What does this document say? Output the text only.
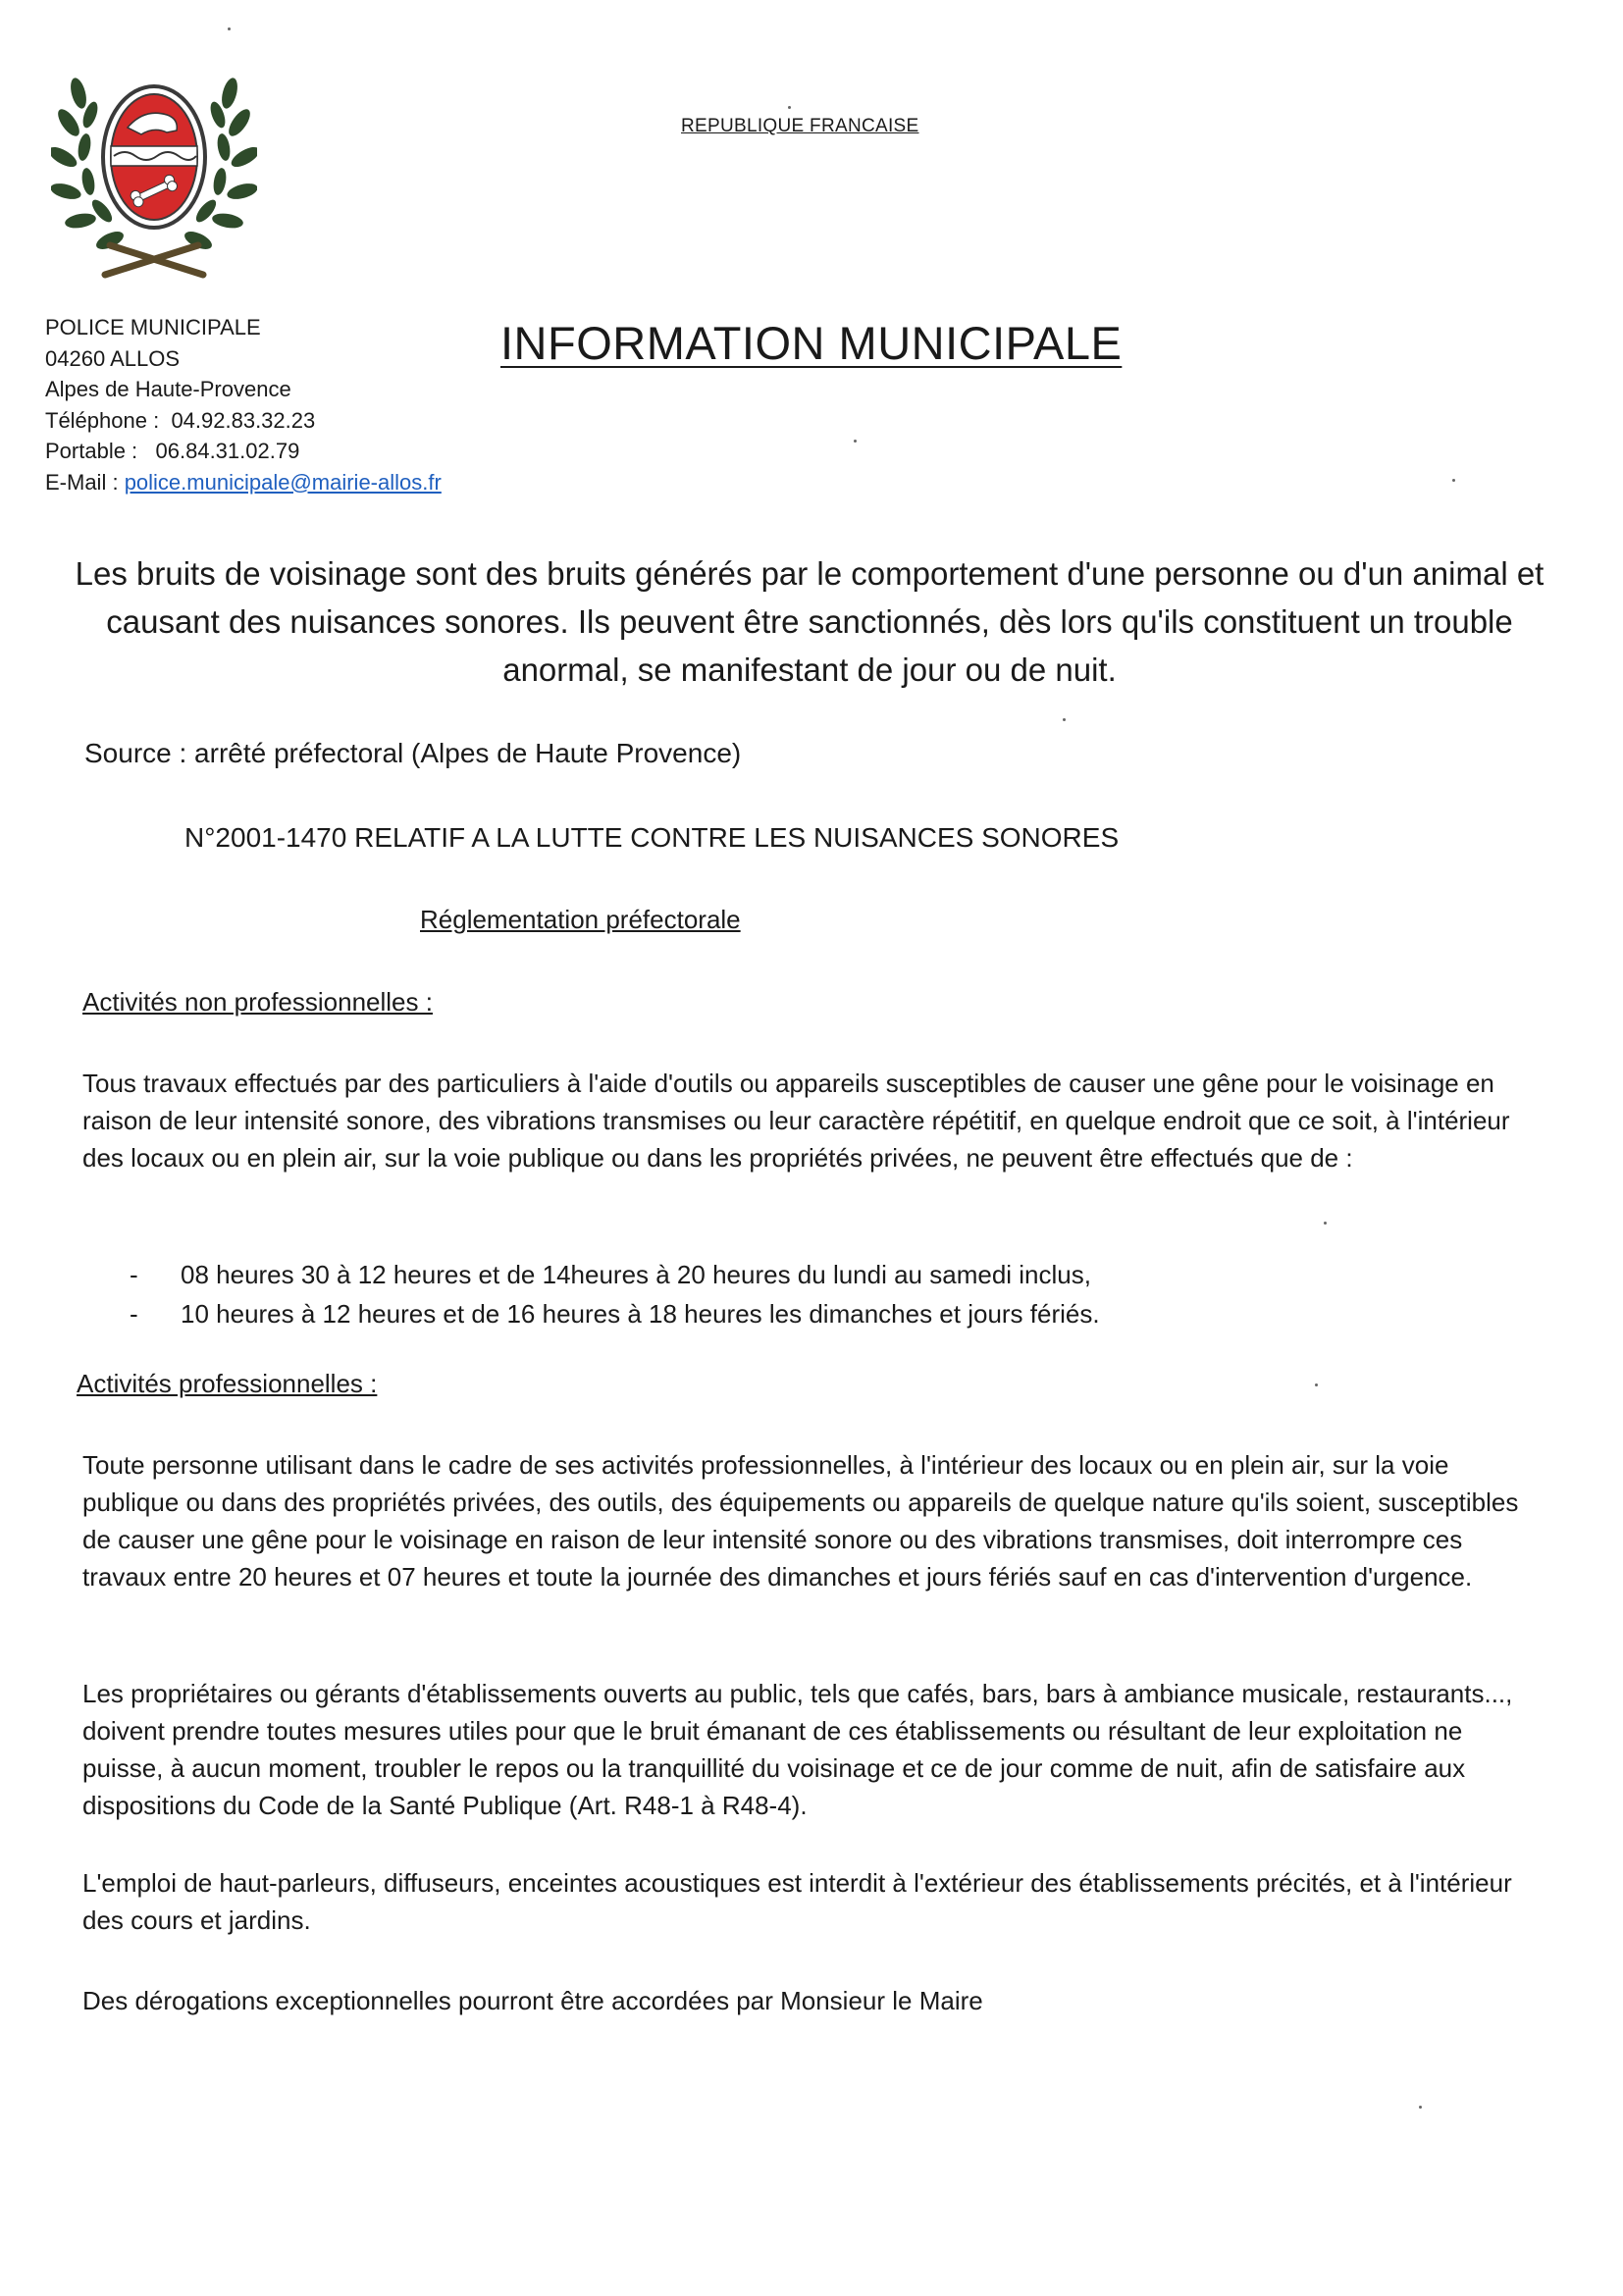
REPUBLIQUE FRANCAISE
POLICE MUNICIPALE
04260 ALLOS
Alpes de Haute-Provence
Téléphone : 04.92.83.32.23
Portable : 06.84.31.02.79
E-Mail : police.municipale@mairie-allos.fr
INFORMATION MUNICIPALE
Les bruits de voisinage sont des bruits générés par le comportement d'une personne ou d'un animal et causant des nuisances sonores. Ils peuvent être sanctionnés, dès lors qu'ils constituent un trouble anormal, se manifestant de jour ou de nuit.
Source : arrêté préfectoral (Alpes de Haute Provence)
N°2001-1470 RELATIF A LA LUTTE CONTRE LES NUISANCES SONORES
Réglementation préfectorale
Activités non professionnelles :
Tous travaux effectués par des particuliers à l'aide d'outils ou appareils susceptibles de causer une gêne pour le voisinage en raison de leur intensité sonore, des vibrations transmises ou leur caractère répétitif, en quelque endroit que ce soit, à l'intérieur des locaux ou en plein air, sur la voie publique ou dans les propriétés privées, ne peuvent être effectués que de :
-	08 heures 30 à 12 heures et de 14heures à 20 heures du lundi au samedi inclus,
-	10 heures à 12 heures et de 16 heures à 18 heures les dimanches et jours fériés.
Activités professionnelles :
Toute personne utilisant dans le cadre de ses activités professionnelles, à l'intérieur des locaux ou en plein air, sur la voie publique ou dans des propriétés privées, des outils, des équipements ou appareils de quelque nature qu'ils soient, susceptibles de causer une gêne pour le voisinage en raison de leur intensité sonore ou des vibrations transmises, doit interrompre ces travaux entre 20 heures et 07 heures et toute la journée des dimanches et jours fériés sauf en cas d'intervention d'urgence.
Les propriétaires ou gérants d'établissements ouverts au public, tels que cafés, bars, bars à ambiance musicale, restaurants..., doivent prendre toutes mesures utiles pour que le bruit émanant de ces établissements ou résultant de leur exploitation ne puisse, à aucun moment, troubler le repos ou la tranquillité du voisinage et ce de jour comme de nuit, afin de satisfaire aux dispositions du Code de la Santé Publique (Art. R48-1 à R48-4).
L'emploi de haut-parleurs, diffuseurs, enceintes acoustiques est interdit à l'extérieur des établissements précités, et à l'intérieur des cours et jardins.
Des dérogations exceptionnelles pourront être accordées par Monsieur le Maire
